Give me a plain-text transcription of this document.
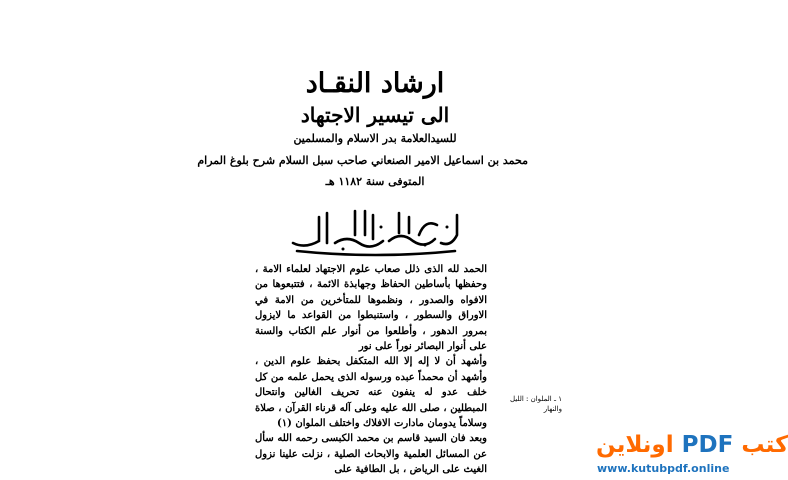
ارشاد النقـاد
الى تيسير الاجتهاد
للسيدالعلامة بدر الاسلام والمسلمين
محمد بن اسماعيل الامير الصنعاني صاحب سبل السلام شرح بلوغ المرام
المتوفى سنة ١١٨٢ هـ

الحمد لله الذى ذلل صعاب علوم الاجتهاد لعلماء الامة ، وحفظها بأساطين الحفاظ وجهابذة الائمة ، فتتبعوها من الافواه والصدور ، ونظموها للمتأخرين من الامة في الاوراق والسطور ، واستنبطوا من القواعد ما لايزول بمرور الدهور ، وأطلعوا من أنوار علم الكتاب والسنة على أنوار البصائر نوراً على نور

وأشهد أن لا إله إلا الله المتكفل بحفظ علوم الدين ، وأشهد أن محمداً عبده ورسوله الذى يحمل علمه من كل خلف عدو له ينفون عنه تحريف الغالين وانتحال المبطلين ، صلى الله عليه وعلى آله قرناء القرآن ، صلاة وسلاماً يدومان مادارت الافلاك واختلف الملوان (١)

وبعد فان السيد قاسم بن محمد الكبسى رحمه الله سأل عن المسائل العلمية والابحاث الصلية ، نزلت علينا نزول الغيث على الرياض ، بل الطافية على

١ ـ الملوان : الليل والنهار
كتب PDF اونلاين
www.kutubpdf.online
